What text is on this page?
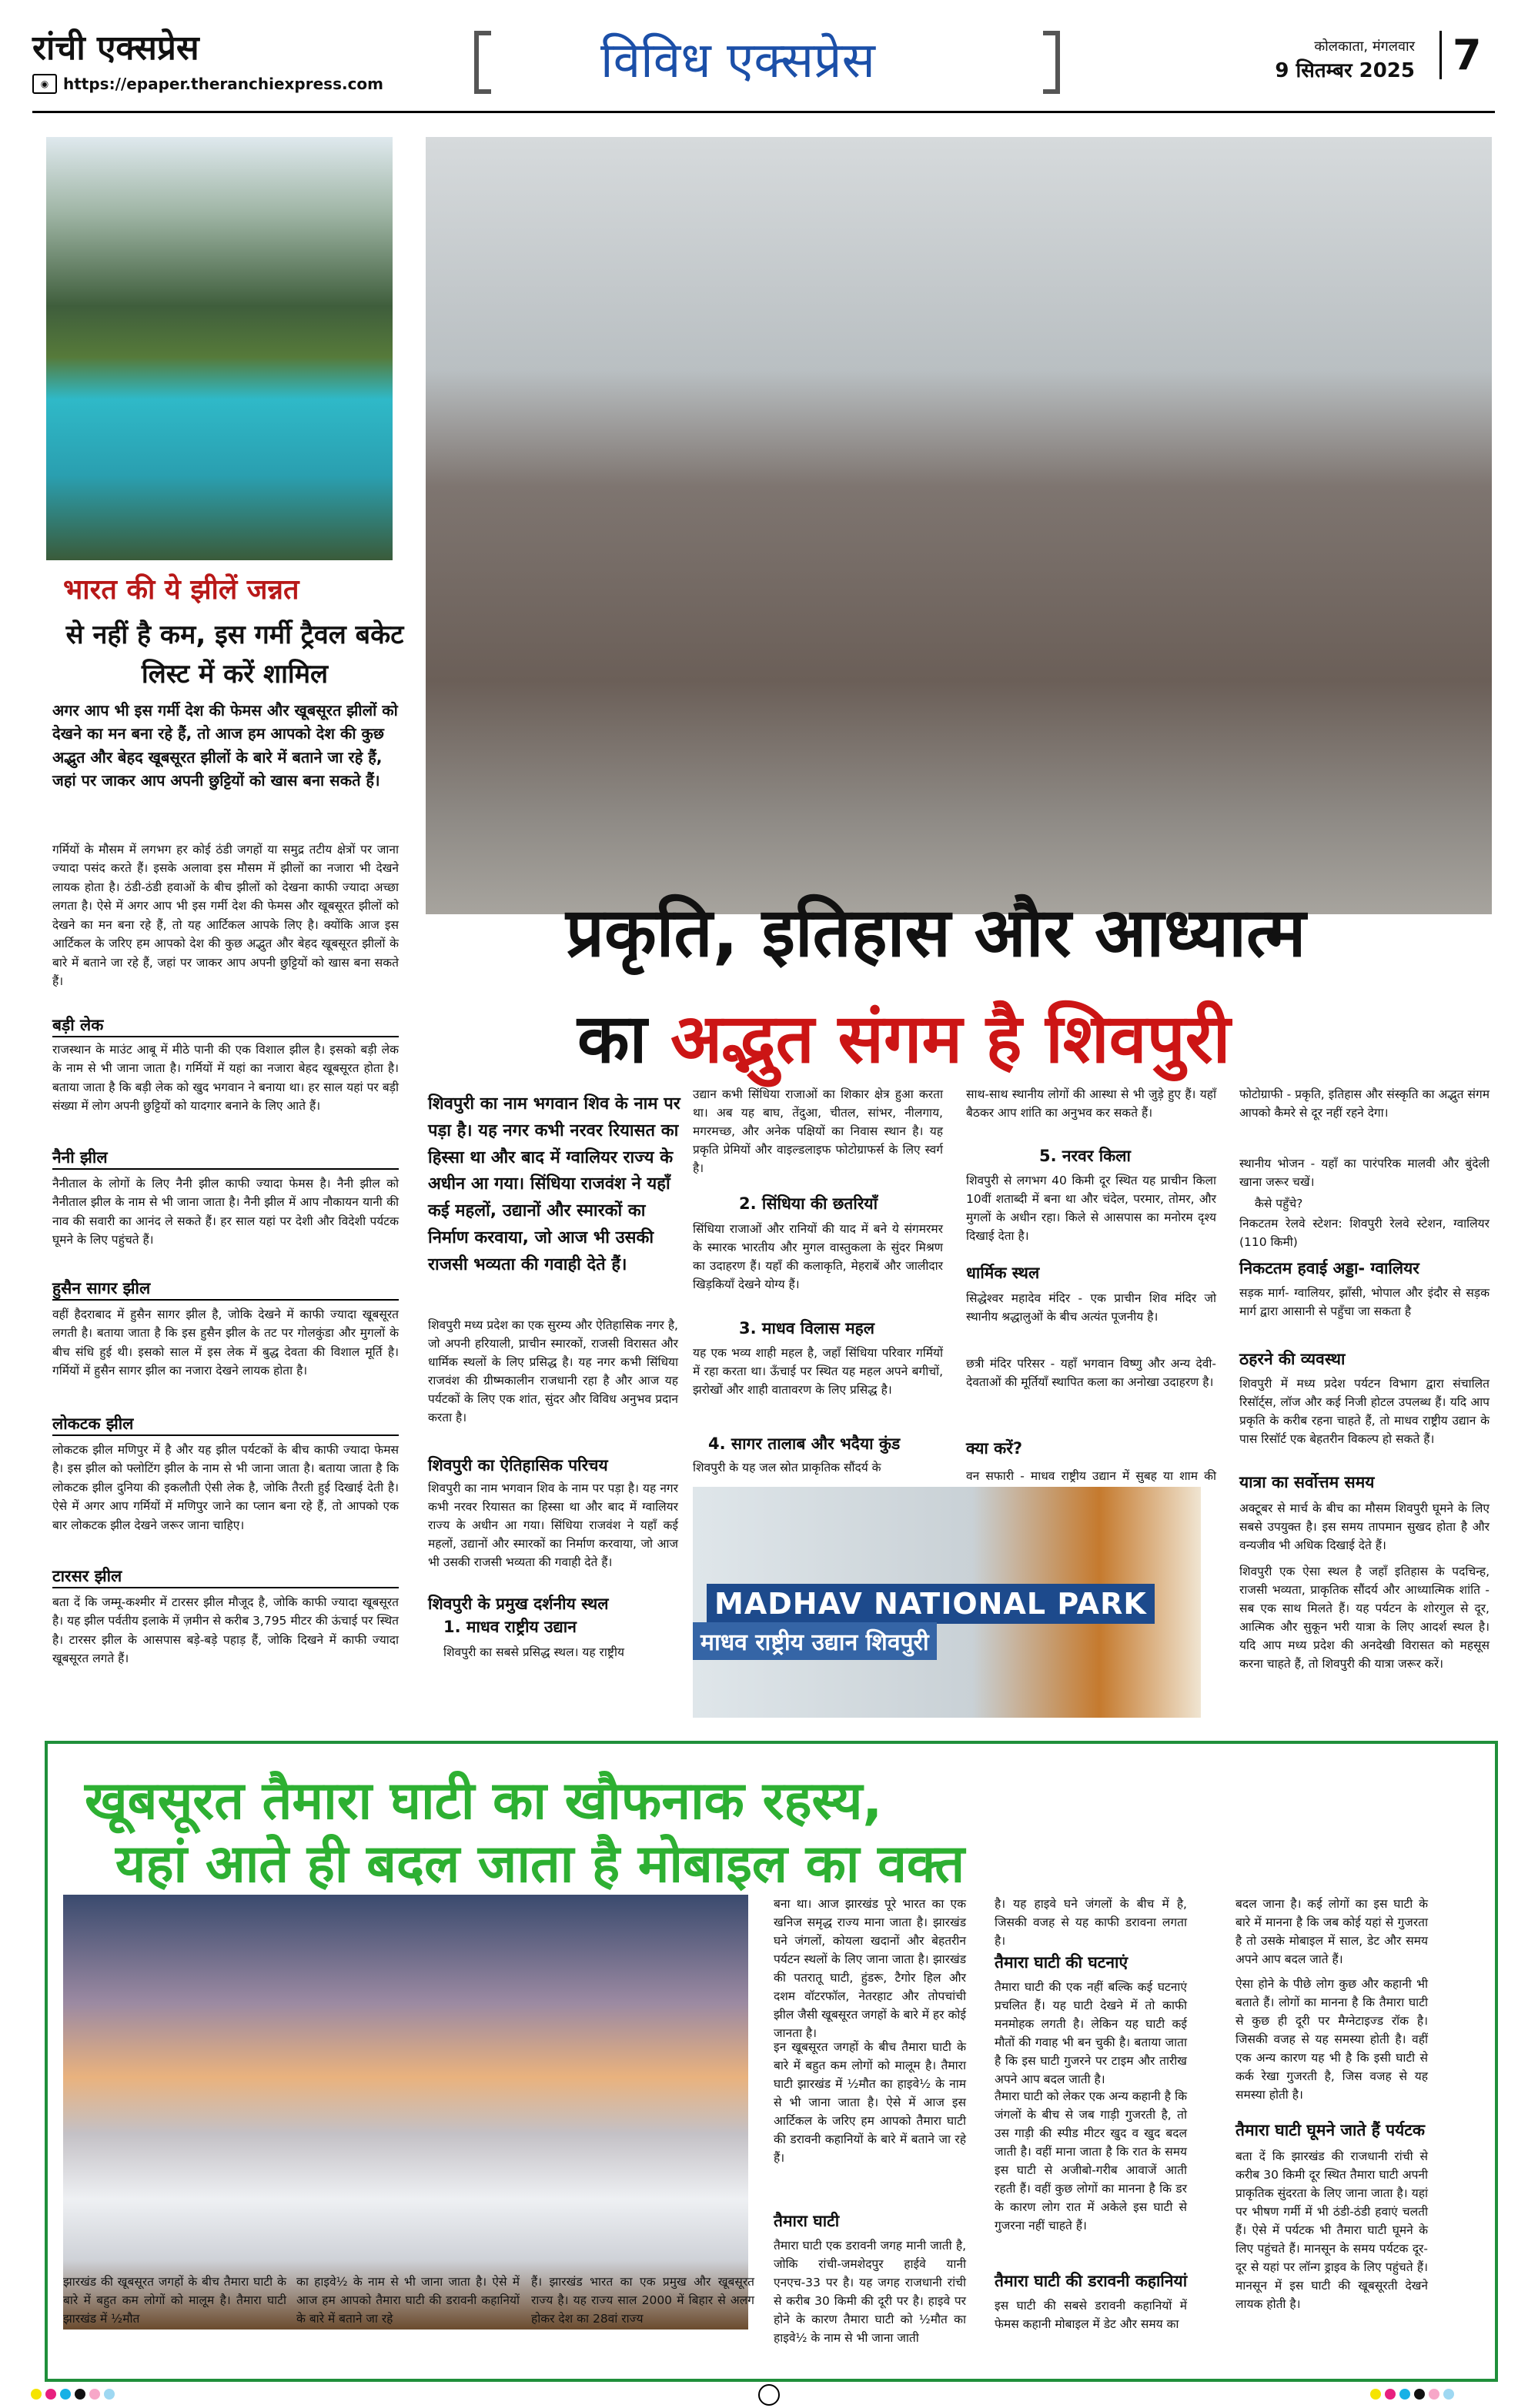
रांची एक्सप्रेस
◉ https://epaper.theranchiexpress.com	विविध एक्सप्रेस	कोलकाता, मंगलवार
9 सितम्बर 2025 7
भारत की ये झीलें जन्नत
से नहीं है कम, इस गर्मी ट्रैवल बकेट लिस्ट में करें शामिल
अगर आप भी इस गर्मी देश की फेमस और खूबसूरत झीलों को देखने का मन बना रहे हैं, तो आज हम आपको देश की कुछ अद्भुत और बेहद खूबसूरत झीलों के बारे में बताने जा रहे हैं, जहां पर जाकर आप अपनी छुट्टियों को खास बना सकते हैं।
गर्मियों के मौसम में लगभग हर कोई ठंडी जगहों या समुद्र तटीय क्षेत्रों पर जाना ज्यादा पसंद करते हैं। इसके अलावा इस मौसम में झीलों का नजारा भी देखने लायक होता है। ठंडी-ठंडी हवाओं के बीच झीलों को देखना काफी ज्यादा अच्छा लगता है। ऐसे में अगर आप भी इस गर्मी देश की फेमस और खूबसूरत झीलों को देखने का मन बना रहे हैं, तो यह आर्टिकल आपके लिए है। क्योंकि आज इस आर्टिकल के जरिए हम आपको देश की कुछ अद्भुत और बेहद खूबसूरत झीलों के बारे में बताने जा रहे हैं, जहां पर जाकर आप अपनी छुट्टियों को खास बना सकते हैं।
बड़ी लेक
राजस्थान के माउंट आबू में मीठे पानी की एक विशाल झील है। इसको बड़ी लेक के नाम से भी जाना जाता है। गर्मियों में यहां का नजारा बेहद खूबसूरत होता है। बताया जाता है कि बड़ी लेक को खुद भगवान ने बनाया था। हर साल यहां पर बड़ी संख्या में लोग अपनी छुट्टियों को यादगार बनाने के लिए आते हैं।
नैनी झील
नैनीताल के लोगों के लिए नैनी झील काफी ज्यादा फेमस है। नैनी झील को नैनीताल झील के नाम से भी जाना जाता है। नैनी झील में आप नौकायन यानी की नाव की सवारी का आनंद ले सकते हैं। हर साल यहां पर देशी और विदेशी पर्यटक घूमने के लिए पहुंचते हैं।
हुसैन सागर झील
वहीं हैदराबाद में हुसैन सागर झील है, जोकि देखने में काफी ज्यादा खूबसूरत लगती है। बताया जाता है कि इस हुसैन झील के तट पर गोलकुंडा और मुगलों के बीच संधि हुई थी। इसको साल में इस लेक में बुद्ध देवता की विशाल मूर्ति है। गर्मियों में हुसैन सागर झील का नजारा देखने लायक होता है।
लोकटक झील
लोकटक झील मणिपुर में है और यह झील पर्यटकों के बीच काफी ज्यादा फेमस है। इस झील को फ्लोटिंग झील के नाम से भी जाना जाता है। बताया जाता है कि लोकटक झील दुनिया की इकलौती ऐसी लेक है, जोकि तैरती हुई दिखाई देती है। ऐसे में अगर आप गर्मियों में मणिपुर जाने का प्लान बना रहे हैं, तो आपको एक बार लोकटक झील देखने जरूर जाना चाहिए।
टारसर झील
बता दें कि जम्मू-कश्मीर में टारसर झील मौजूद है, जोकि काफी ज्यादा खूबसूरत है। यह झील पर्वतीय इलाके में ज़मीन से करीब 3,795 मीटर की ऊंचाई पर स्थित है। टारसर झील के आसपास बड़े-बड़े पहाड़ हैं, जोकि दिखने में काफी ज्यादा खूबसूरत लगते हैं।
प्रकृति, इतिहास और आध्यात्म
का अद्भुत संगम है शिवपुरी
शिवपुरी का नाम भगवान शिव के नाम पर पड़ा है। यह नगर कभी नरवर रियासत का हिस्सा था और बाद में ग्वालियर राज्य के अधीन आ गया। सिंधिया राजवंश ने यहाँ कई महलों, उद्यानों और स्मारकों का निर्माण करवाया, जो आज भी उसकी राजसी भव्यता की गवाही देते हैं।
शिवपुरी मध्य प्रदेश का एक सुरम्य और ऐतिहासिक नगर है, जो अपनी हरियाली, प्राचीन स्मारकों, राजसी विरासत और धार्मिक स्थलों के लिए प्रसिद्ध है। यह नगर कभी सिंधिया राजवंश की ग्रीष्मकालीन राजधानी रहा है और आज यह पर्यटकों के लिए एक शांत, सुंदर और विविध अनुभव प्रदान करता है।
शिवपुरी का ऐतिहासिक परिचय
शिवपुरी का नाम भगवान शिव के नाम पर पड़ा है। यह नगर कभी नरवर रियासत का हिस्सा था और बाद में ग्वालियर राज्य के अधीन आ गया। सिंधिया राजवंश ने यहाँ कई महलों, उद्यानों और स्मारकों का निर्माण करवाया, जो आज भी उसकी राजसी भव्यता की गवाही देते हैं।
शिवपुरी के प्रमुख दर्शनीय स्थल
1. माधव राष्ट्रीय उद्यान
शिवपुरी का सबसे प्रसिद्ध स्थल। यह राष्ट्रीय
उद्यान कभी सिंधिया राजाओं का शिकार क्षेत्र हुआ करता था। अब यह बाघ, तेंदुआ, चीतल, सांभर, नीलगाय, मगरमच्छ, और अनेक पक्षियों का निवास स्थान है। यह प्रकृति प्रेमियों और वाइल्डलाइफ फोटोग्राफर्स के लिए स्वर्ग है।
2. सिंधिया की छतरियाँ
सिंधिया राजाओं और रानियों की याद में बने ये संगमरमर के स्मारक भारतीय और मुगल वास्तुकला के सुंदर मिश्रण का उदाहरण हैं। यहाँ की कलाकृति, मेहराबें और जालीदार खिड़कियाँ देखने योग्य हैं।
3. माधव विलास महल
यह एक भव्य शाही महल है, जहाँ सिंधिया परिवार गर्मियों में रहा करता था। ऊँचाई पर स्थित यह महल अपने बगीचों, झरोखों और शाही वातावरण के लिए प्रसिद्ध है।
4. सागर तालाब और भदैया कुंड
शिवपुरी के यह जल स्रोत प्राकृतिक सौंदर्य के
साथ-साथ स्थानीय लोगों की आस्था से भी जुड़े हुए हैं। यहाँ बैठकर आप शांति का अनुभव कर सकते हैं।
5. नरवर किला
शिवपुरी से लगभग 40 किमी दूर स्थित यह प्राचीन किला 10वीं शताब्दी में बना था और चंदेल, परमार, तोमर, और मुगलों के अधीन रहा। किले से आसपास का मनोरम दृश्य दिखाई देता है।
धार्मिक स्थल
सिद्धेश्वर महादेव मंदिर - एक प्राचीन शिव मंदिर जो स्थानीय श्रद्धालुओं के बीच अत्यंत पूजनीय है।
छत्री मंदिर परिसर - यहाँ भगवान विष्णु और अन्य देवी-देवताओं की मूर्तियाँ स्थापित कला का अनोखा उदाहरण है।
क्या करें?
वन सफारी - माधव राष्ट्रीय उद्यान में सुबह या शाम की
MADHAV NATIONAL PARK
माधव राष्ट्रीय उद्यान शिवपुरी
फोटोग्राफी - प्रकृति, इतिहास और संस्कृति का अद्भुत संगम आपको कैमरे से दूर नहीं रहने देगा।
स्थानीय भोजन - यहाँ का पारंपरिक मालवी और बुंदेली खाना जरूर चखें।
कैसे पहुँचे?
निकटतम रेलवे स्टेशन: शिवपुरी रेलवे स्टेशन, ग्वालियर (110 किमी)
निकटतम हवाई अड्डा- ग्वालियर
सड़क मार्ग- ग्वालियर, झाँसी, भोपाल और इंदौर से सड़क मार्ग द्वारा आसानी से पहुँचा जा सकता है
ठहरने की व्यवस्था
शिवपुरी में मध्य प्रदेश पर्यटन विभाग द्वारा संचालित रिसॉर्ट्स, लॉज और कई निजी होटल उपलब्ध हैं। यदि आप प्रकृति के करीब रहना चाहते हैं, तो माधव राष्ट्रीय उद्यान के पास रिसॉर्ट एक बेहतरीन विकल्प हो सकते हैं।
यात्रा का सर्वोत्तम समय
अक्टूबर से मार्च के बीच का मौसम शिवपुरी घूमने के लिए सबसे उपयुक्त है। इस समय तापमान सुखद होता है और वन्यजीव भी अधिक दिखाई देते हैं।
शिवपुरी एक ऐसा स्थल है जहाँ इतिहास के पदचिन्ह, राजसी भव्यता, प्राकृतिक सौंदर्य और आध्यात्मिक शांति - सब एक साथ मिलते हैं। यह पर्यटन के शोरगुल से दूर, आत्मिक और सुकून भरी यात्रा के लिए आदर्श स्थल है। यदि आप मध्य प्रदेश की अनदेखी विरासत को महसूस करना चाहते हैं, तो शिवपुरी की यात्रा जरूर करें।
खूबसूरत तैमारा घाटी का खौफनाक रहस्य,
यहां आते ही बदल जाता है मोबाइल का वक्त
झारखंड की खूबसूरत जगहों के बीच तैमारा घाटी के बारे में बहुत कम लोगों को मालूम है। तैमारा घाटी झारखंड में ½मौत
का हाइवे½ के नाम से भी जाना जाता है। ऐसे में आज हम आपको तैमारा घाटी की डरावनी कहानियों के बारे में बताने जा रहे
हैं। झारखंड भारत का एक प्रमुख और खूबसूरत राज्य है। यह राज्य साल 2000 में बिहार से अलग होकर देश का 28वां राज्य
बना था। आज झारखंड पूरे भारत का एक खनिज समृद्ध राज्य माना जाता है। झारखंड घने जंगलों, कोयला खदानों और बेहतरीन पर्यटन स्थलों के लिए जाना जाता है। झारखंड की पतरातू घाटी, हुंडरू, टैगोर हिल और दशम वॉटरफॉल, नेतरहाट और तोपचांची झील जैसी खूबसूरत जगहों के बारे में हर कोई जानता है।
इन खूबसूरत जगहों के बीच तैमारा घाटी के बारे में बहुत कम लोगों को मालूम है। तैमारा घाटी झारखंड में ½मौत का हाइवे½ के नाम से भी जाना जाता है। ऐसे में आज इस आर्टिकल के जरिए हम आपको तैमारा घाटी की डरावनी कहानियों के बारे में बताने जा रहे हैं।
तैमारा घाटी
तैमारा घाटी एक डरावनी जगह मानी जाती है, जोकि रांची-जमशेदपुर हाईवे यानी एनएच-33 पर है। यह जगह राजधानी रांची से करीब 30 किमी की दूरी पर है। हाइवे पर होने के कारण तैमारा घाटी को ½मौत का हाइवे½ के नाम से भी जाना जाती
है। यह हाइवे घने जंगलों के बीच में है, जिसकी वजह से यह काफी डरावना लगता है।
तैमारा घाटी की घटनाएं
तैमारा घाटी की एक नहीं बल्कि कई घटनाएं प्रचलित हैं। यह घाटी देखने में तो काफी मनमोहक लगती है। लेकिन यह घाटी कई मौतों की गवाह भी बन चुकी है। बताया जाता है कि इस घाटी गुजरने पर टाइम और तारीख अपने आप बदल जाती है।
तैमारा घाटी को लेकर एक अन्य कहानी है कि जंगलों के बीच से जब गाड़ी गुजरती है, तो उस गाड़ी की स्पीड मीटर खुद व खुद बदल जाती है। वहीं माना जाता है कि रात के समय इस घाटी से अजीबो-गरीब आवाजें आती रहती हैं। वहीं कुछ लोगों का मानना है कि डर के कारण लोग रात में अकेले इस घाटी से गुजरना नहीं चाहते हैं।
तैमारा घाटी की डरावनी कहानियां
इस घाटी की सबसे डरावनी कहानियों में फेमस कहानी मोबाइल में डेट और समय का
बदल जाना है। कई लोगों का इस घाटी के बारे में मानना है कि जब कोई यहां से गुजरता है तो उसके मोबाइल में साल, डेट और समय अपने आप बदल जाते हैं।
ऐसा होने के पीछे लोग कुछ और कहानी भी बताते हैं। लोगों का मानना है कि तैमारा घाटी से कुछ ही दूरी पर मैग्नेटाइज्ड रॉक है। जिसकी वजह से यह समस्या होती है। वहीं एक अन्य कारण यह भी है कि इसी घाटी से कर्क रेखा गुजरती है, जिस वजह से यह समस्या होती है।
तैमारा घाटी घूमने जाते हैं पर्यटक
बता दें कि झारखंड की राजधानी रांची से करीब 30 किमी दूर स्थित तैमारा घाटी अपनी प्राकृतिक सुंदरता के लिए जाना जाता है। यहां पर भीषण गर्मी में भी ठंडी-ठंडी हवाएं चलती हैं। ऐसे में पर्यटक भी तैमारा घाटी घूमने के लिए पहुंचते हैं। मानसून के समय पर्यटक दूर-दूर से यहां पर लॉन्ग ड्राइव के लिए पहुंचते हैं। मानसून में इस घाटी की खूबसूरती देखने लायक होती है।
